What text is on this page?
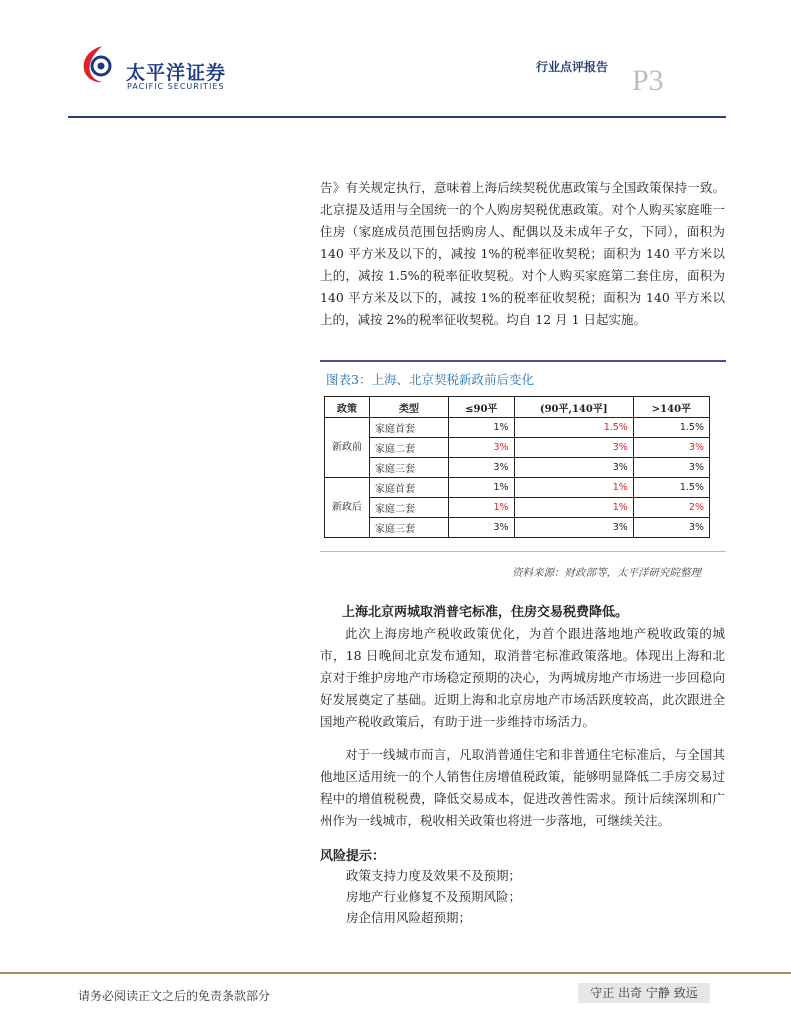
太平洋证券
PACIFIC SECURITIES
行业点评报告 P3

告》有关规定执行，意味着上海后续契税优惠政策与全国政策保持一致。北京提及适用与全国统一的个人购房契税优惠政策。对个人购买家庭唯一住房（家庭成员范围包括购房人、配偶以及未成年子女，下同），面积为 140 平方米及以下的，减按 1%的税率征收契税；面积为 140 平方米以上的，减按 1.5%的税率征收契税。对个人购买家庭第二套住房，面积为 140 平方米及以下的，减按 1%的税率征收契税；面积为 140 平方米以上的，减按 2%的税率征收契税。均自 12 月 1 日起实施。

图表3：上海、北京契税新政前后变化
政策	类型	≤90平	(90平,140平]	>140平
新政前	家庭首套	1%	1.5%	1.5%
	家庭二套	3%	3%	3%
	家庭三套	3%	3%	3%
新政后	家庭首套	1%	1%	1.5%
	家庭二套	1%	1%	2%
	家庭三套	3%	3%	3%
资料来源：财政部等，太平洋研究院整理
上海北京两城取消普宅标准，住房交易税费降低。

此次上海房地产税收政策优化，为首个跟进落地地产税收政策的城市，18 日晚间北京发布通知，取消普宅标准政策落地。体现出上海和北京对于维护房地产市场稳定预期的决心，为两城房地产市场进一步回稳向好发展奠定了基础。近期上海和北京房地产市场活跃度较高，此次跟进全国地产税收政策后，有助于进一步维持市场活力。

对于一线城市而言，凡取消普通住宅和非普通住宅标准后，与全国其他地区适用统一的个人销售住房增值税政策，能够明显降低二手房交易过程中的增值税税费，降低交易成本，促进改善性需求。预计后续深圳和广州作为一线城市，税收相关政策也将进一步落地，可继续关注。

风险提示：
政策支持力度及效果不及预期；
房地产行业修复不及预期风险；
房企信用风险超预期；
请务必阅读正文之后的免责条款部分	守正 出奇 宁静 致远
